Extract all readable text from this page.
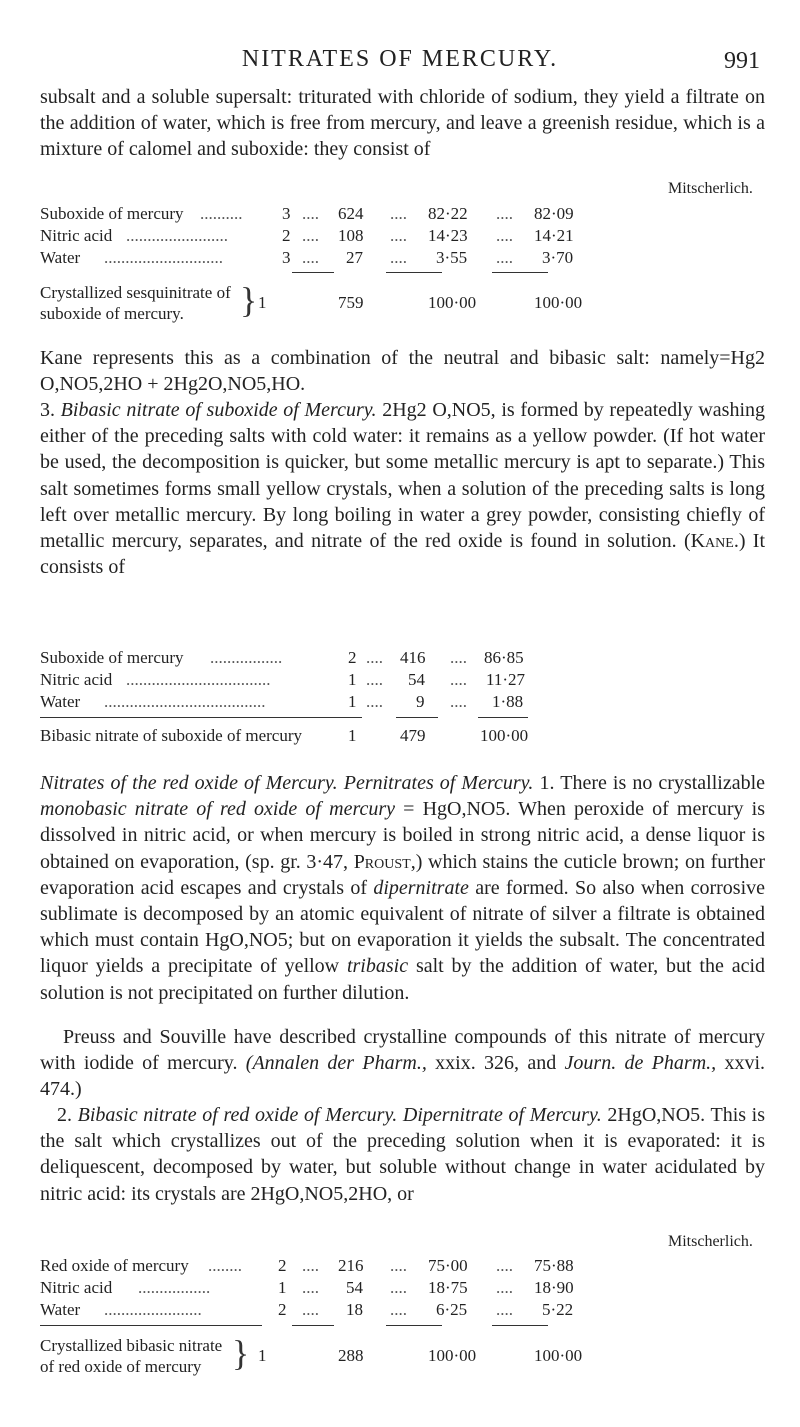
NITRATES OF MERCURY.	991

subsalt and a soluble supersalt: triturated with chloride of sodium, they yield a filtrate on the addition of water, which is free from mercury, and leave a greenish residue, which is a mixture of calomel and suboxide: they consist of

Mitscherlich.
Suboxide of mercury .......... 3 .... 624 .... 82·22 .... 82·09
Nitric acid ........................	2 .... 108 .... 14·23 .... 14·21
Water ............................	3 .... 27 .... 3·55 .... 3·70
Crystallized sesquinitrate of
suboxide of mercury.	} 1	759	100·00	100·00

Kane represents this as a combination of the neutral and bibasic salt: namely=Hg2 O,NO5,2HO + 2Hg2O,NO5,HO.

3. Bibasic nitrate of suboxide of Mercury. 2Hg2 O,NO5, is formed by repeatedly washing either of the preceding salts with cold water: it remains as a yellow powder. (If hot water be used, the decomposition is quicker, but some metallic mercury is apt to separate.) This salt sometimes forms small yellow crystals, when a solution of the preceding salts is long left over metallic mercury. By long boiling in water a grey powder, consisting chiefly of metallic mercury, separates, and nitrate of the red oxide is found in solution. (Kane.) It consists of

Suboxide of mercury .................	2 .... 416 .... 86·85
Nitric acid ..................................	1 .... 54 .... 11·27
Water ......................................	1 .... 9 .... 1·88
Bibasic nitrate of suboxide of mercury	1	479	100·00

Nitrates of the red oxide of Mercury. Pernitrates of Mercury. 1. There is no crystallizable monobasic nitrate of red oxide of mercury = HgO,NO5. When peroxide of mercury is dissolved in nitric acid, or when mercury is boiled in strong nitric acid, a dense liquor is obtained on evaporation, (sp. gr. 3·47, Proust,) which stains the cuticle brown; on further evaporation acid escapes and crystals of dipernitrate are formed. So also when corrosive sublimate is decomposed by an atomic equivalent of nitrate of silver a filtrate is obtained which must contain HgO,NO5; but on evaporation it yields the subsalt. The concentrated liquor yields a precipitate of yellow tribasic salt by the addition of water, but the acid solution is not precipitated on further dilution.

Preuss and Souville have described crystalline compounds of this nitrate of mercury with iodide of mercury. (Annalen der Pharm., xxix. 326, and Journ. de Pharm., xxvi. 474.)

2. Bibasic nitrate of red oxide of Mercury. Dipernitrate of Mercury. 2HgO,NO5. This is the salt which crystallizes out of the preceding solution when it is evaporated: it is deliquescent, decomposed by water, but soluble without change in water acidulated by nitric acid: its crystals are 2HgO,NO5,2HO, or

Mitscherlich.
Red oxide of mercury ........ 2 .... 216 .... 75·00 .... 75·88
Nitric acid .................	1 .... 54 .... 18·75 .... 18·90
Water .......................	2 .... 18 .... 6·25 .... 5·22
Crystallized bibasic nitrate
of red oxide of mercury } 1	288	100·00	100·00
